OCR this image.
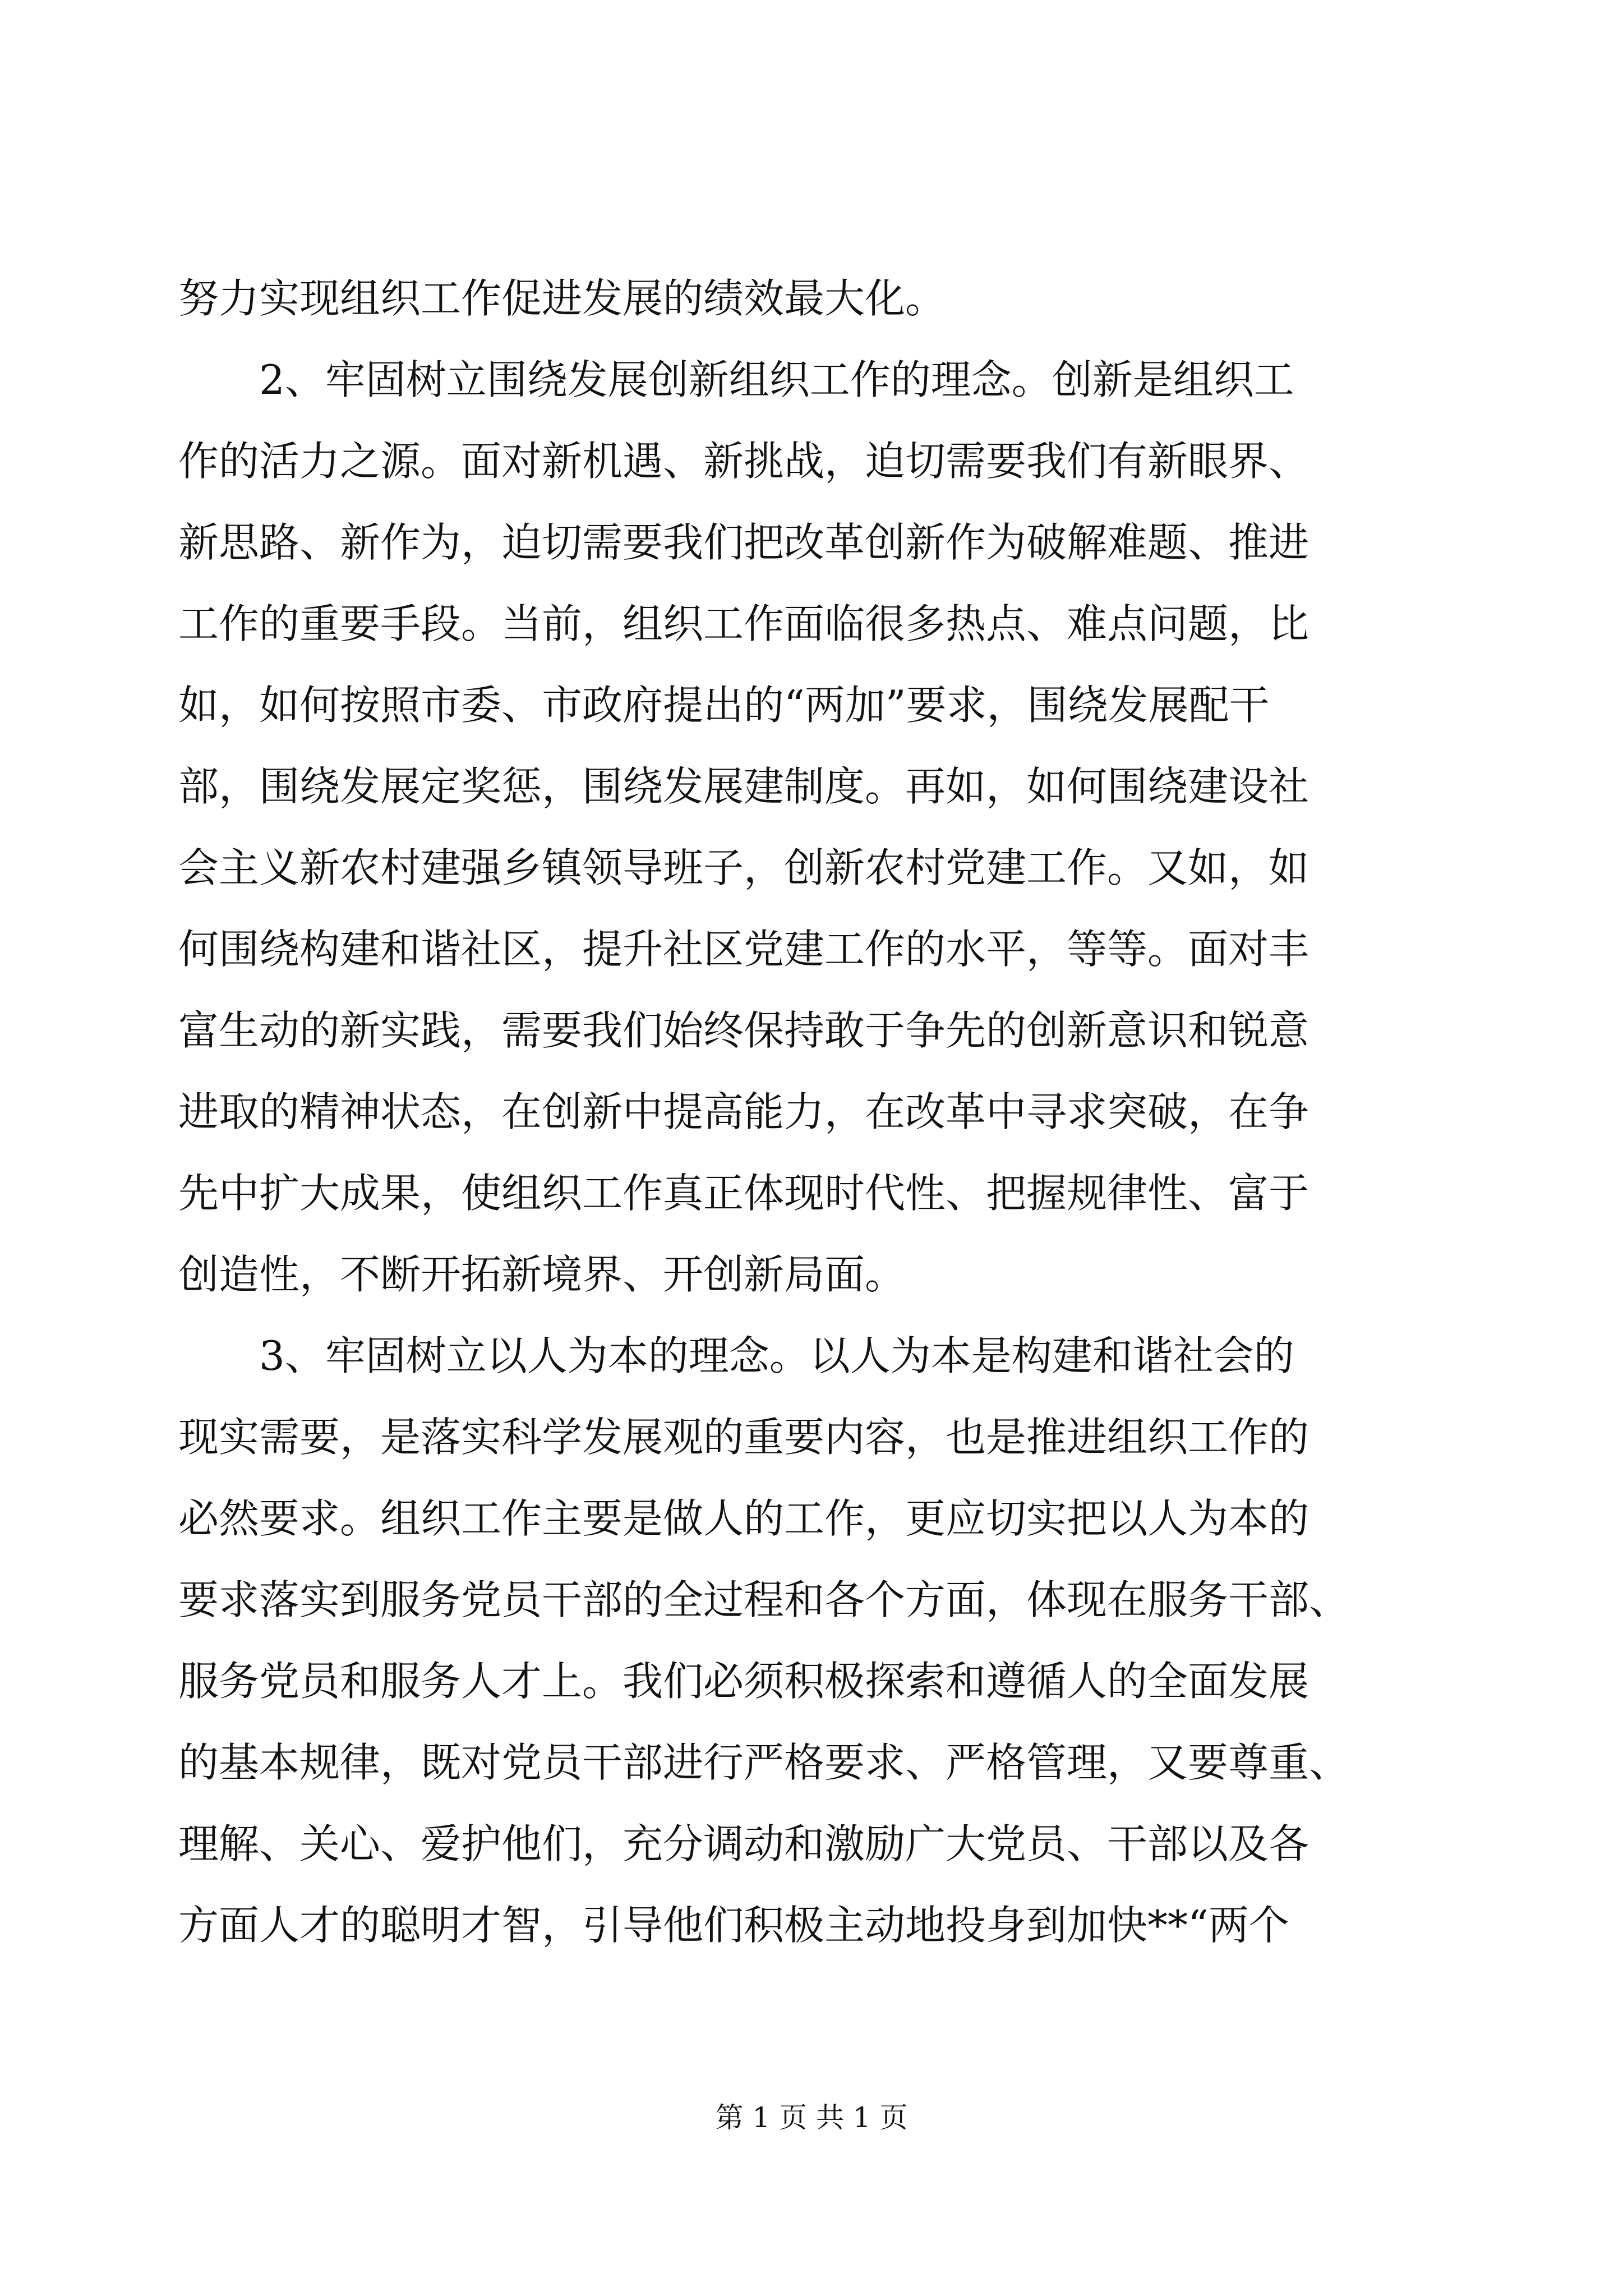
努力实现组织工作促进发展的绩效最大化。
2、牢固树立围绕发展创新组织工作的理念。创新是组织工
作的活力之源。面对新机遇、新挑战，迫切需要我们有新眼界、
新思路、新作为，迫切需要我们把改革创新作为破解难题、推进
工作的重要手段。当前，组织工作面临很多热点、难点问题，比
如，如何按照市委、市政府提出的“两加”要求，围绕发展配干
部，围绕发展定奖惩，围绕发展建制度。再如，如何围绕建设社
会主义新农村建强乡镇领导班子，创新农村党建工作。又如，如
何围绕构建和谐社区，提升社区党建工作的水平，等等。面对丰
富生动的新实践，需要我们始终保持敢于争先的创新意识和锐意
进取的精神状态，在创新中提高能力，在改革中寻求突破，在争
先中扩大成果，使组织工作真正体现时代性、把握规律性、富于
创造性，不断开拓新境界、开创新局面。
3、牢固树立以人为本的理念。以人为本是构建和谐社会的
现实需要，是落实科学发展观的重要内容，也是推进组织工作的
必然要求。组织工作主要是做人的工作，更应切实把以人为本的
要求落实到服务党员干部的全过程和各个方面，体现在服务干部、
服务党员和服务人才上。我们必须积极探索和遵循人的全面发展
的基本规律，既对党员干部进行严格要求、严格管理，又要尊重、
理解、关心、爱护他们，充分调动和激励广大党员、干部以及各
方面人才的聪明才智，引导他们积极主动地投身到加快**“两个
第 1 页 共 1 页
